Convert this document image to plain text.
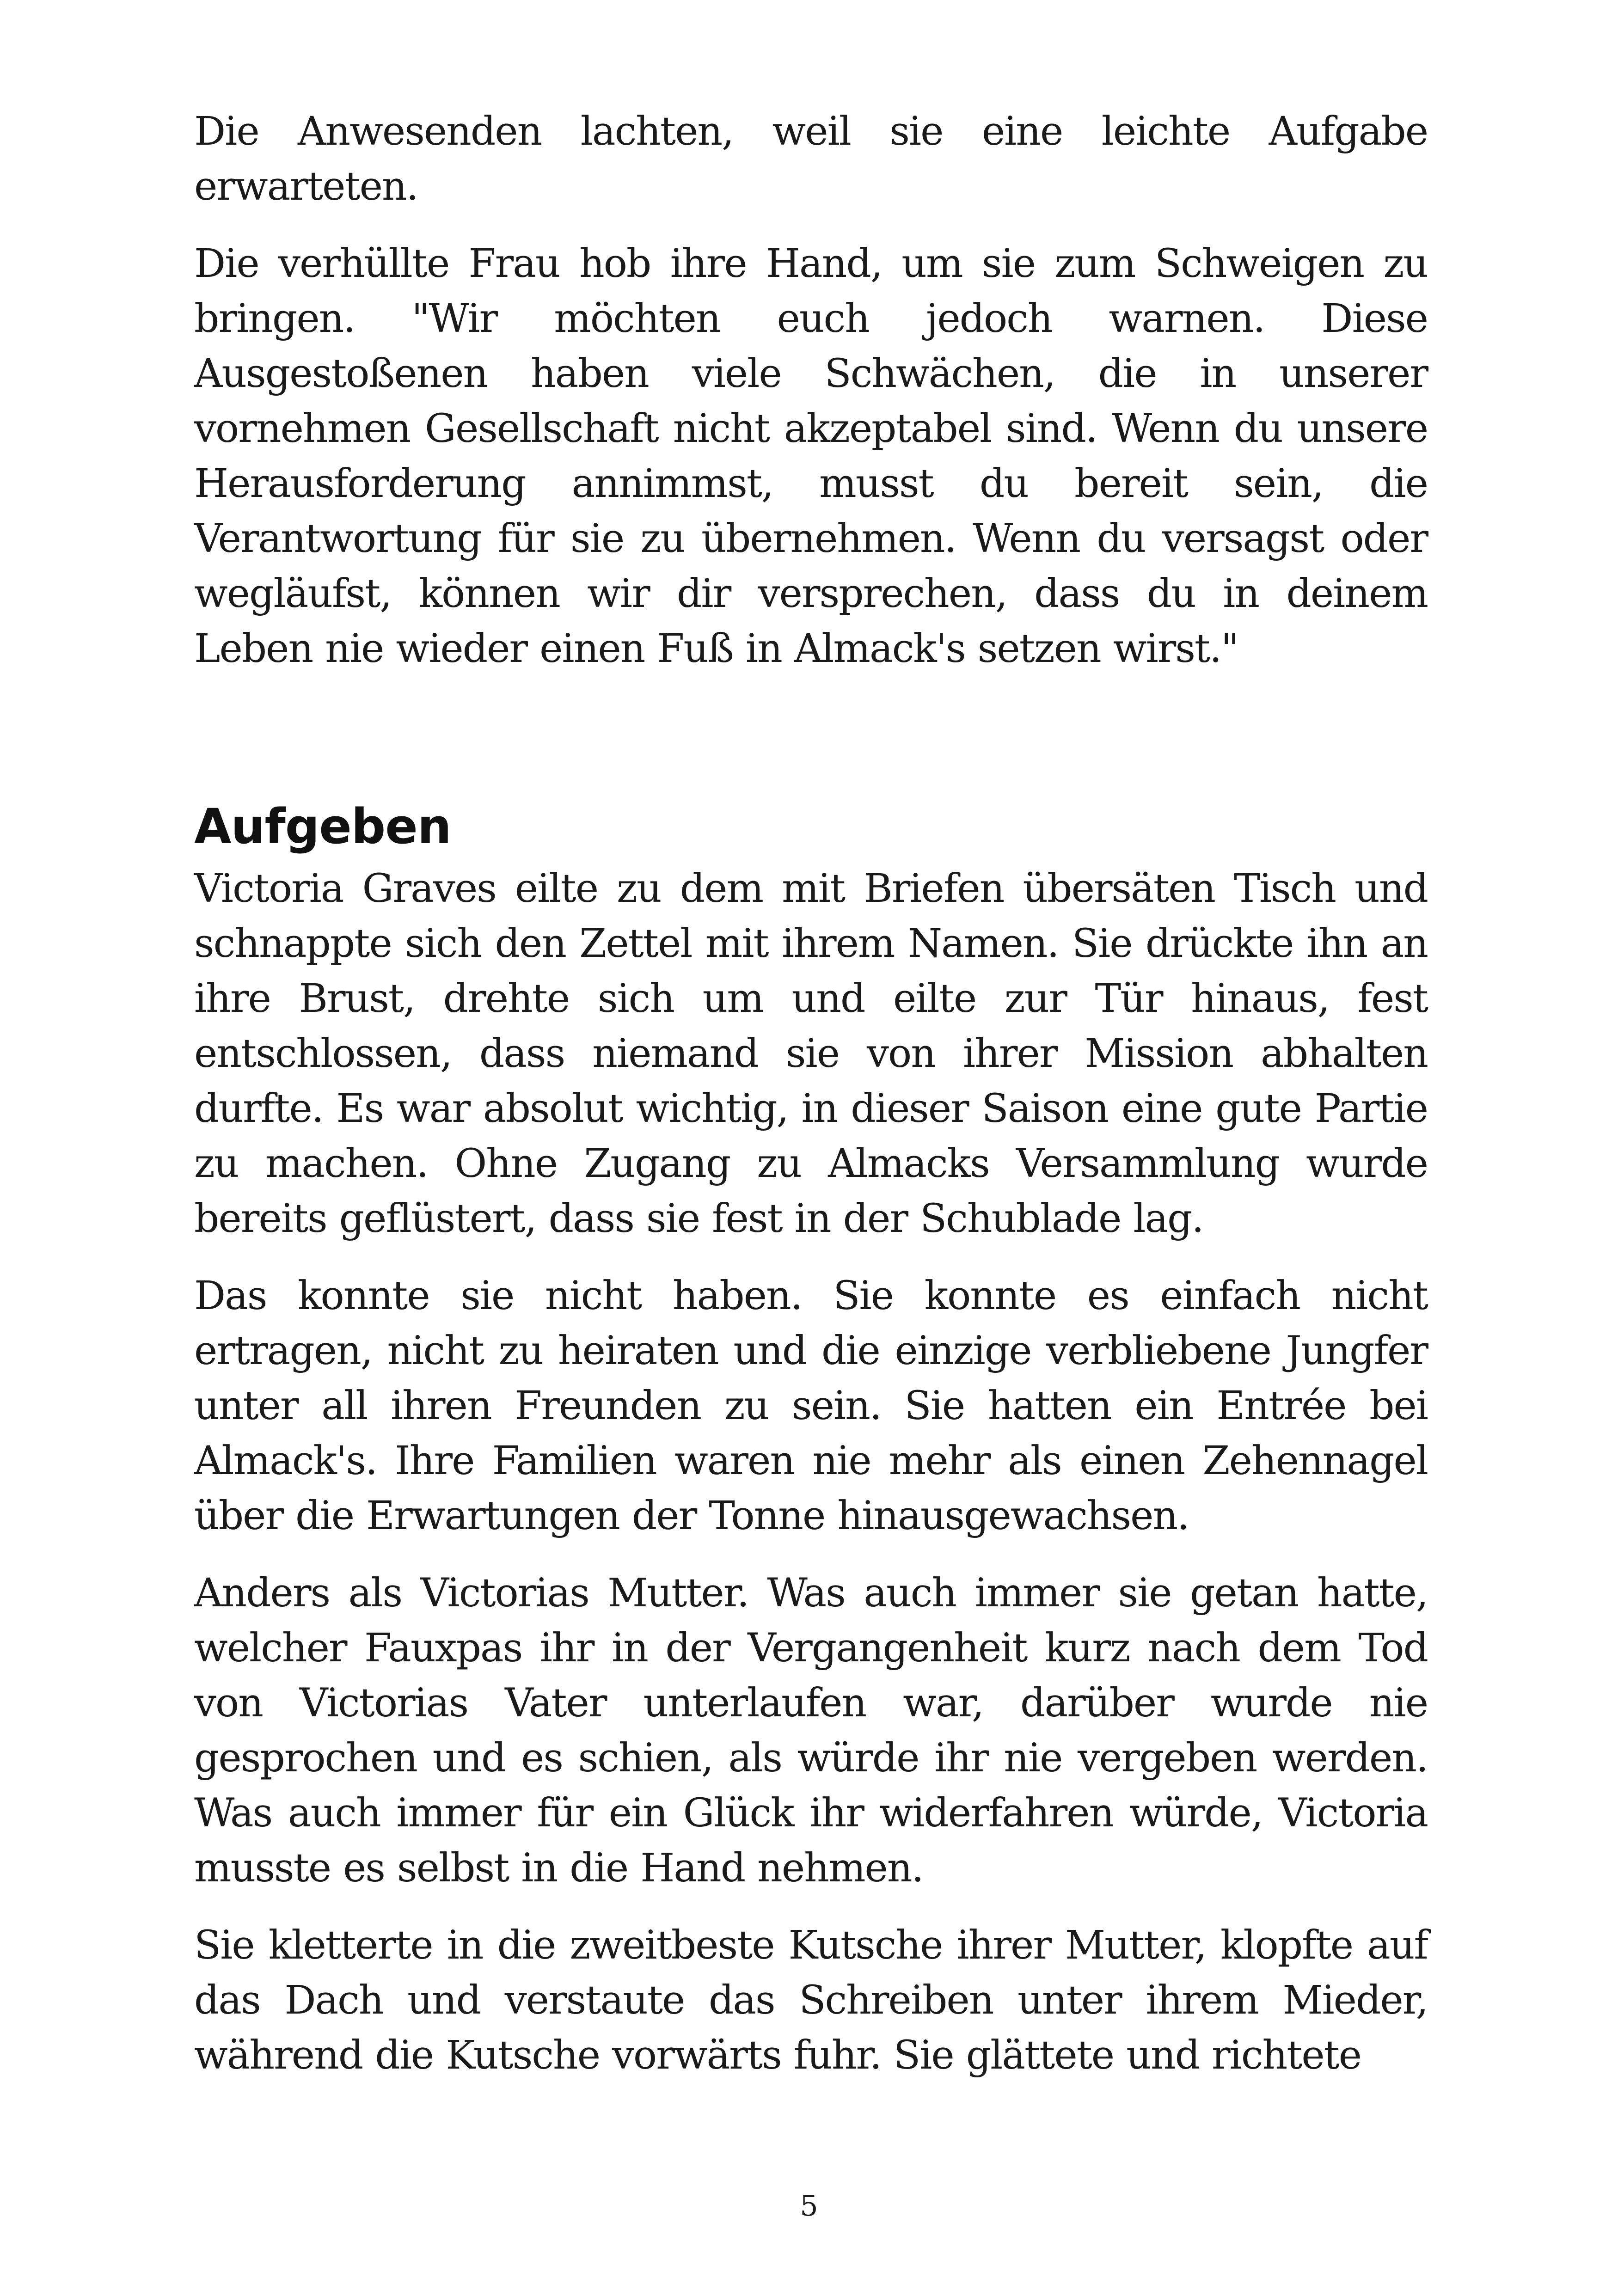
Die Anwesenden lachten, weil sie eine leichte Aufgabe erwarteten.

Die verhüllte Frau hob ihre Hand, um sie zum Schweigen zu bringen. "Wir möchten euch jedoch warnen. Diese Ausgestoßenen haben viele Schwächen, die in unserer vornehmen Gesellschaft nicht akzeptabel sind. Wenn du unsere Herausforderung annimmst, musst du bereit sein, die Verantwortung für sie zu übernehmen. Wenn du versagst oder wegläufst, können wir dir versprechen, dass du in deinem Leben nie wieder einen Fuß in Almack's setzen wirst."

Aufgeben

Victoria Graves eilte zu dem mit Briefen übersäten Tisch und schnappte sich den Zettel mit ihrem Namen. Sie drückte ihn an ihre Brust, drehte sich um und eilte zur Tür hinaus, fest entschlossen, dass niemand sie von ihrer Mission abhalten durfte. Es war absolut wichtig, in dieser Saison eine gute Partie zu machen. Ohne Zugang zu Almacks Versammlung wurde bereits geflüstert, dass sie fest in der Schublade lag.

Das konnte sie nicht haben. Sie konnte es einfach nicht ertragen, nicht zu heiraten und die einzige verbliebene Jungfer unter all ihren Freunden zu sein. Sie hatten ein Entrée bei Almack's. Ihre Familien waren nie mehr als einen Zehennagel über die Erwartungen der Tonne hinausgewachsen.

Anders als Victorias Mutter. Was auch immer sie getan hatte, welcher Fauxpas ihr in der Vergangenheit kurz nach dem Tod von Victorias Vater unterlaufen war, darüber wurde nie gesprochen und es schien, als würde ihr nie vergeben werden. Was auch immer für ein Glück ihr widerfahren würde, Victoria musste es selbst in die Hand nehmen.

Sie kletterte in die zweitbeste Kutsche ihrer Mutter, klopfte auf das Dach und verstaute das Schreiben unter ihrem Mieder, während die Kutsche vorwärts fuhr. Sie glättete und richtete

5
